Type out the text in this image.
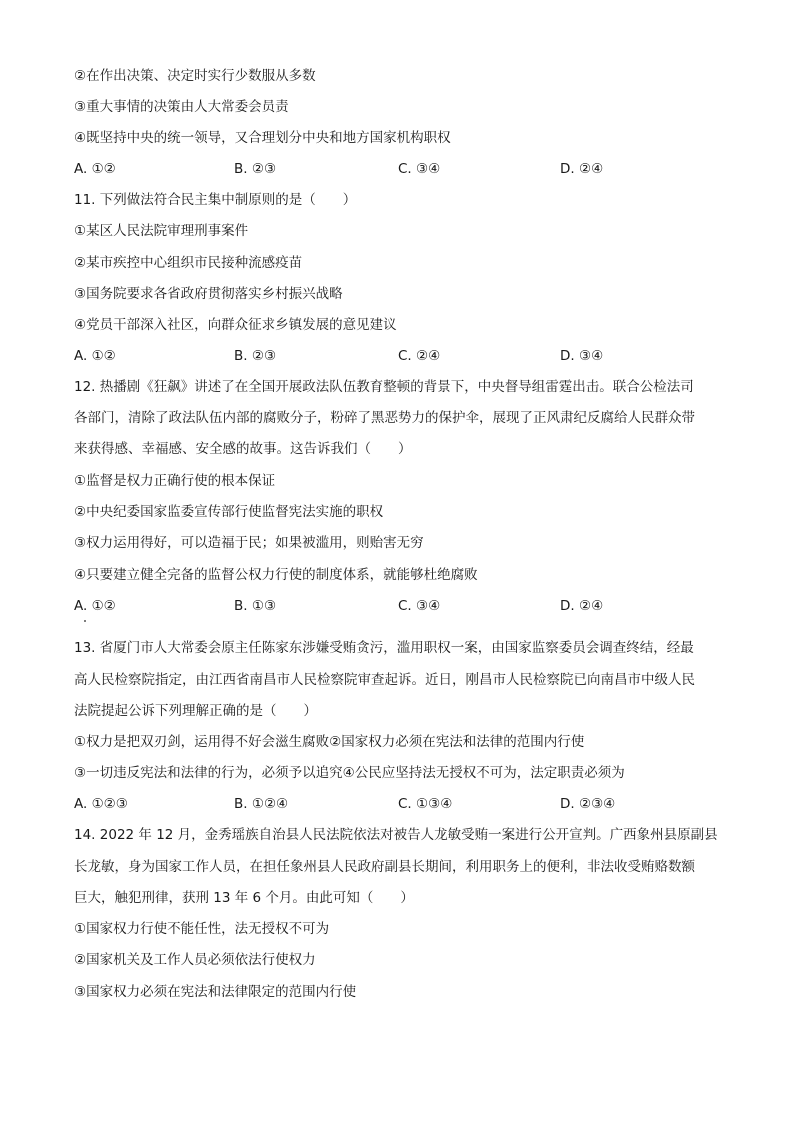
②在作出决策、决定时实行少数服从多数
③重大事情的决策由人大常委会员责
④既坚持中央的统一领导，又合理划分中央和地方国家机构职权
A. ①②	B. ②③	C. ③④	D. ②④
11. 下列做法符合民主集中制原则的是（　　）
①某区人民法院审理刑事案件
②某市疾控中心组织市民接种流感疫苗
③国务院要求各省政府贯彻落实乡村振兴战略
④党员干部深入社区，向群众征求乡镇发展的意见建议
A. ①②	B. ②③	C. ②④	D. ③④
12. 热播剧《狂飙》讲述了在全国开展政法队伍教育整顿的背景下，中央督导组雷霆出击。联合公检法司
各部门，清除了政法队伍内部的腐败分子，粉碎了黑恶势力的保护伞，展现了正风肃纪反腐给人民群众带
来获得感、幸福感、安全感的故事。这告诉我们（　　）
①监督是权力正确行使的根本保证
②中央纪委国家监委宣传部行使监督宪法实施的职权
③权力运用得好，可以造福于民；如果被滥用，则贻害无穷
④只要建立健全完备的监督公权力行使的制度体系，就能够杜绝腐败
A. ①②	B. ①③	C. ③④	D. ②④
13. 省厦门市人大常委会原主任陈家东涉嫌受贿贪污，滥用职权一案，由国家监察委员会调查终结，经最
高人民检察院指定，由江西省南昌市人民检察院审查起诉。近日，刚昌市人民检察院已向南昌市中级人民
法院提起公诉下列理解正确的是（　　）
①权力是把双刃剑，运用得不好会滋生腐败②国家权力必须在宪法和法律的范围内行使
③一切违反宪法和法律的行为，必须予以追究④公民应坚持法无授权不可为，法定职责必须为
A. ①②③	B. ①②④	C. ①③④	D. ②③④
14. 2022 年 12 月，金秀瑶族自治县人民法院依法对被告人龙敏受贿一案进行公开宣判。广西象州县原副县
长龙敏，身为国家工作人员，在担任象州县人民政府副县长期间，利用职务上的便利，非法收受贿赂数额
巨大，触犯刑律，获刑 13 年 6 个月。由此可知（　　）
①国家权力行使不能任性，法无授权不可为
②国家机关及工作人员必须依法行使权力
③国家权力必须在宪法和法律限定的范围内行使
